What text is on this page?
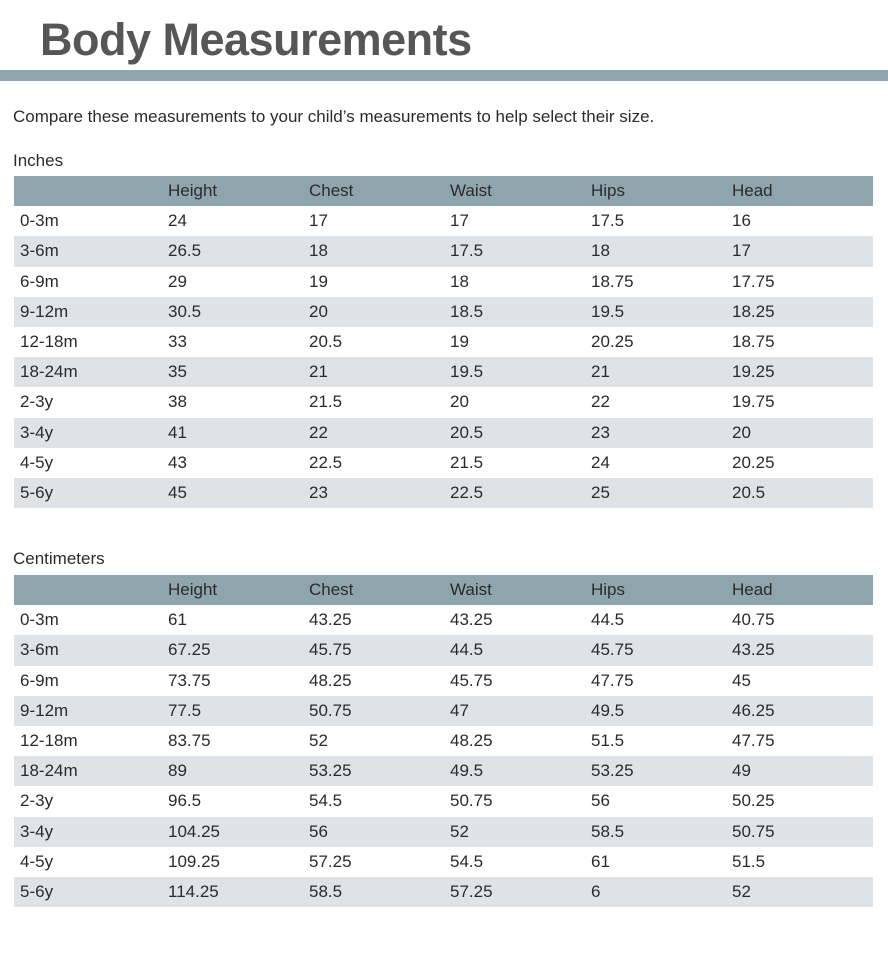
Body Measurements

Compare these measurements to your child’s measurements to help select their size.

Inches

	Height	Chest	Waist	Hips	Head
0-3m	24	17	17	17.5	16
3-6m	26.5	18	17.5	18	17
6-9m	29	19	18	18.75	17.75
9-12m	30.5	20	18.5	19.5	18.25
12-18m	33	20.5	19	20.25	18.75
18-24m	35	21	19.5	21	19.25
2-3y	38	21.5	20	22	19.75
3-4y	41	22	20.5	23	20
4-5y	43	22.5	21.5	24	20.25
5-6y	45	23	22.5	25	20.5

Centimeters

	Height	Chest	Waist	Hips	Head
0-3m	61	43.25	43.25	44.5	40.75
3-6m	67.25	45.75	44.5	45.75	43.25
6-9m	73.75	48.25	45.75	47.75	45
9-12m	77.5	50.75	47	49.5	46.25
12-18m	83.75	52	48.25	51.5	47.75
18-24m	89	53.25	49.5	53.25	49
2-3y	96.5	54.5	50.75	56	50.25
3-4y	104.25	56	52	58.5	50.75
4-5y	109.25	57.25	54.5	61	51.5
5-6y	114.25	58.5	57.25	6	52
